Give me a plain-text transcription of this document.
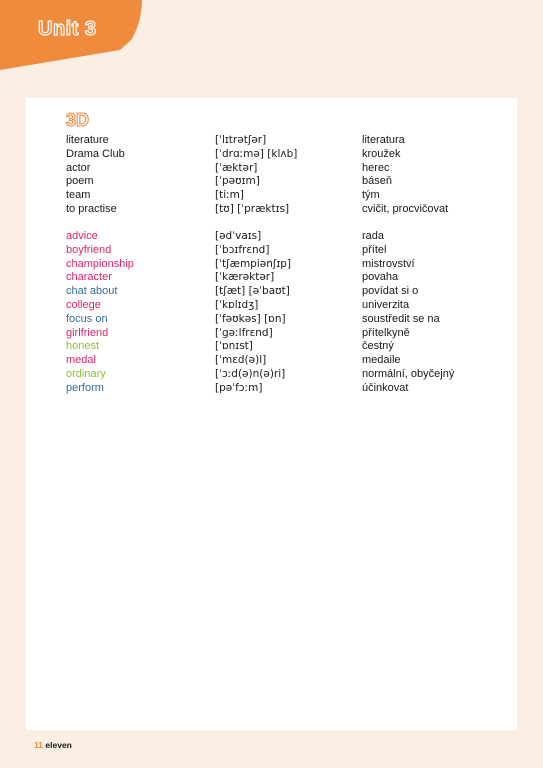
Unit 3
3D
literature	[ˈlɪtrətʃər]	literatura
Drama Club	[ˈdrɑːmə] [klʌb]	kroužek
actor	[ˈæktər]	herec
poem	[ˈpəʊɪm]	báseň
team	[tiːm]	tým
to practise	[tʊ] [ˈpræktɪs]	cvičit, procvičovat
advice	[ədˈvaɪs]	rada
boyfriend	[ˈbɔɪfrɛnd]	přítel
championship	[ˈtʃæmpiənʃɪp]	mistrovství
character	[ˈkærəktər]	povaha
chat about	[tʃæt] [əˈbaʊt]	povídat si o
college	[ˈkɒlɪdʒ]	univerzita
focus on	[ˈfəʊkəs] [ɒn]	soustředit se na
girlfriend	[ˈgəːlfrɛnd]	přítelkyně
honest	[ˈɒnɪst]	čestný
medal	[ˈmɛd(ə)l]	medaile
ordinary	[ˈɔːd(ə)n(ə)ri]	normální, obyčejný
perform	[pəˈfɔːm]	účinkovat
11 eleven
